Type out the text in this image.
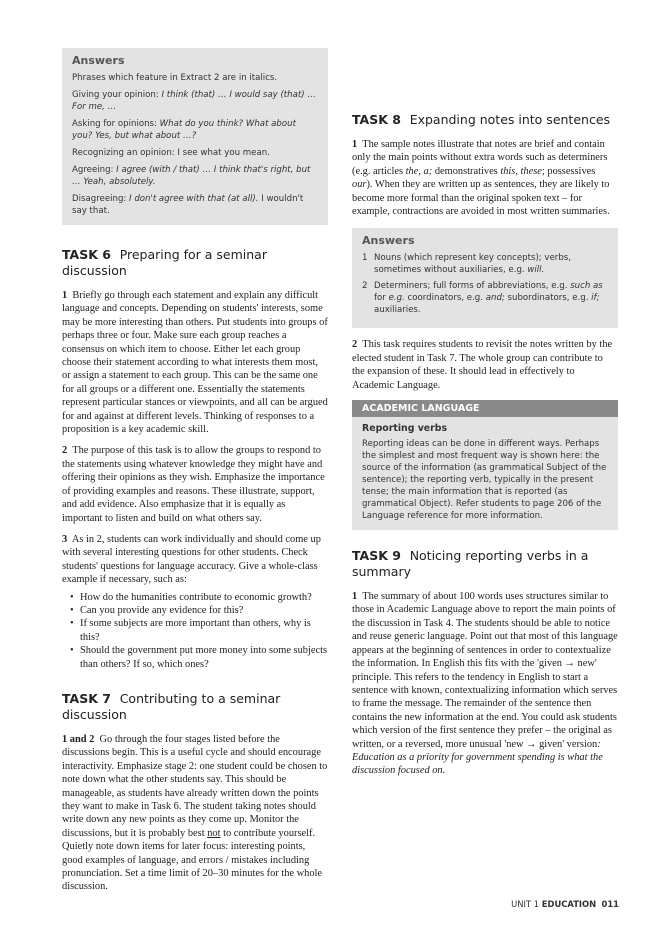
Answers

Phrases which feature in Extract 2 are in italics.

Giving your opinion: I think (that) … I would say (that) … For me, …

Asking for opinions: What do you think? What about you? Yes, but what about …?

Recognizing an opinion: I see what you mean.

Agreeing: I agree (with / that) … I think that's right, but … Yeah, absolutely.

Disagreeing: I don't agree with that (at all). I wouldn't say that.

TASK 6 Preparing for a seminar discussion

1 Briefly go through each statement and explain any difficult language and concepts. Depending on students' interests, some may be more interesting than others. Put students into groups of perhaps three or four. Make sure each group reaches a consensus on which item to choose. Either let each group choose their statement according to what interests them most, or assign a statement to each group. This can be the same one for all groups or a different one. Essentially the statements represent particular stances or viewpoints, and all can be argued for and against at different levels. Thinking of responses to a proposition is a key academic skill.

2 The purpose of this task is to allow the groups to respond to the statements using whatever knowledge they might have and offering their opinions as they wish. Emphasize the importance of providing examples and reasons. These illustrate, support, and add evidence. Also emphasize that it is equally as important to listen and build on what others say.

3 As in 2, students can work individually and should come up with several interesting questions for other students. Check students' questions for language accuracy. Give a whole-class example if necessary, such as:

• How do the humanities contribute to economic growth?
• Can you provide any evidence for this?
• If some subjects are more important than others, why is this?
• Should the government put more money into some subjects than others? If so, which ones?
TASK 7 Contributing to a seminar discussion

1 and 2 Go through the four stages listed before the discussions begin. This is a useful cycle and should encourage interactivity. Emphasize stage 2: one student could be chosen to note down what the other students say. This should be manageable, as students have already written down the points they want to make in Task 6. The student taking notes should write down any new points as they come up. Monitor the discussions, but it is probably best not to contribute yourself. Quietly note down items for later focus: interesting points, good examples of language, and errors / mistakes including pronunciation. Set a time limit of 20–30 minutes for the whole discussion.

TASK 8 Expanding notes into sentences

1 The sample notes illustrate that notes are brief and contain only the main points without extra words such as determiners (e.g. articles the, a; demonstratives this, these; possessives our). When they are written up as sentences, they are likely to become more formal than the original spoken text – for example, contractions are avoided in most written summaries.

Answers
1 Nouns (which represent key concepts); verbs, sometimes without auxiliaries, e.g. will.
2 Determiners; full forms of abbreviations, e.g. such as for e.g. coordinators, e.g. and; subordinators, e.g. if; auxiliaries.

2 This task requires students to revisit the notes written by the elected student in Task 7. The whole group can contribute to the expansion of these. It should lead in effectively to Academic Language.

ACADEMIC LANGUAGE
Reporting verbs
Reporting ideas can be done in different ways. Perhaps the simplest and most frequent way is shown here: the source of the information (as grammatical Subject of the sentence); the reporting verb, typically in the present tense; the main information that is reported (as grammatical Object). Refer students to page 206 of the Language reference for more information.
TASK 9 Noticing reporting verbs in a summary

1 The summary of about 100 words uses structures similar to those in Academic Language above to report the main points of the discussion in Task 4. The students should be able to notice and reuse generic language. Point out that most of this language appears at the beginning of sentences in order to contextualize the information. In English this fits with the 'given → new' principle. This refers to the tendency in English to start a sentence with known, contextualizing information which serves to frame the message. The remainder of the sentence then contains the new information at the end. You could ask students which version of the first sentence they prefer – the original as written, or a reversed, more unusual 'new → given' version: Education as a priority for government spending is what the discussion focused on.

UNIT 1 EDUCATION 011
